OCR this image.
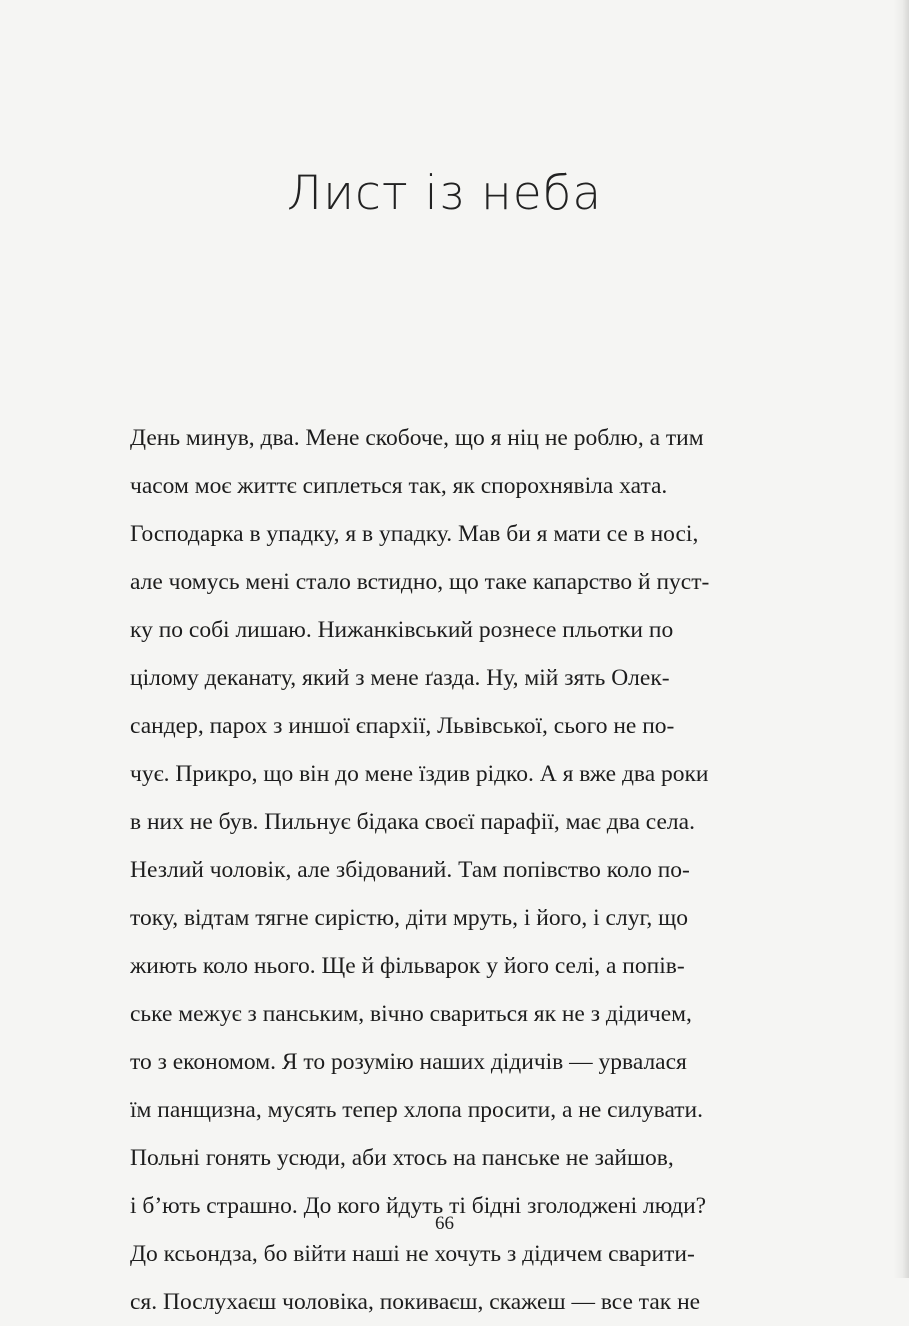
Лист із неба
День минув, два. Мене скобоче, що я ніц не роблю, а тим
часом моє життє сиплеться так, як спорохнявіла хата.
Господарка в упадку, я в упадку. Мав би я мати се в носі,
але чомусь мені стало встидно, що таке капарство й пуст-
ку по собі лишаю. Нижанківський рознесе пльотки по
цілому деканату, який з мене ґазда. Ну, мій зять Олек-
сандер, парох з иншої єпархії, Львівської, сього не по-
чує. Прикро, що він до мене їздив рідко. А я вже два роки
в них не був. Пильнує бідака своєї парафії, має два села.
Незлий чоловік, але збідований. Там попівство коло по-
току, відтам тягне сирістю, діти мруть, і його, і слуг, що
жиють коло нього. Ще й фільварок у його селі, а попів-
ське межує з панським, вічно свариться як не з дідичем,
то з економом. Я то розумію наших дідичів — урвалася
їм панщизна, мусять тепер хлопа просити, а не силувати.
Польні гонять усюди, аби хтось на панське не зайшов,
і б’ють страшно. До кого йдуть ті бідні зголоджені люди?
До ксьондза, бо війти наші не хочуть з дідичем сварити-
ся. Послухаєш чоловіка, покиваєш, скажеш — все так не
66
